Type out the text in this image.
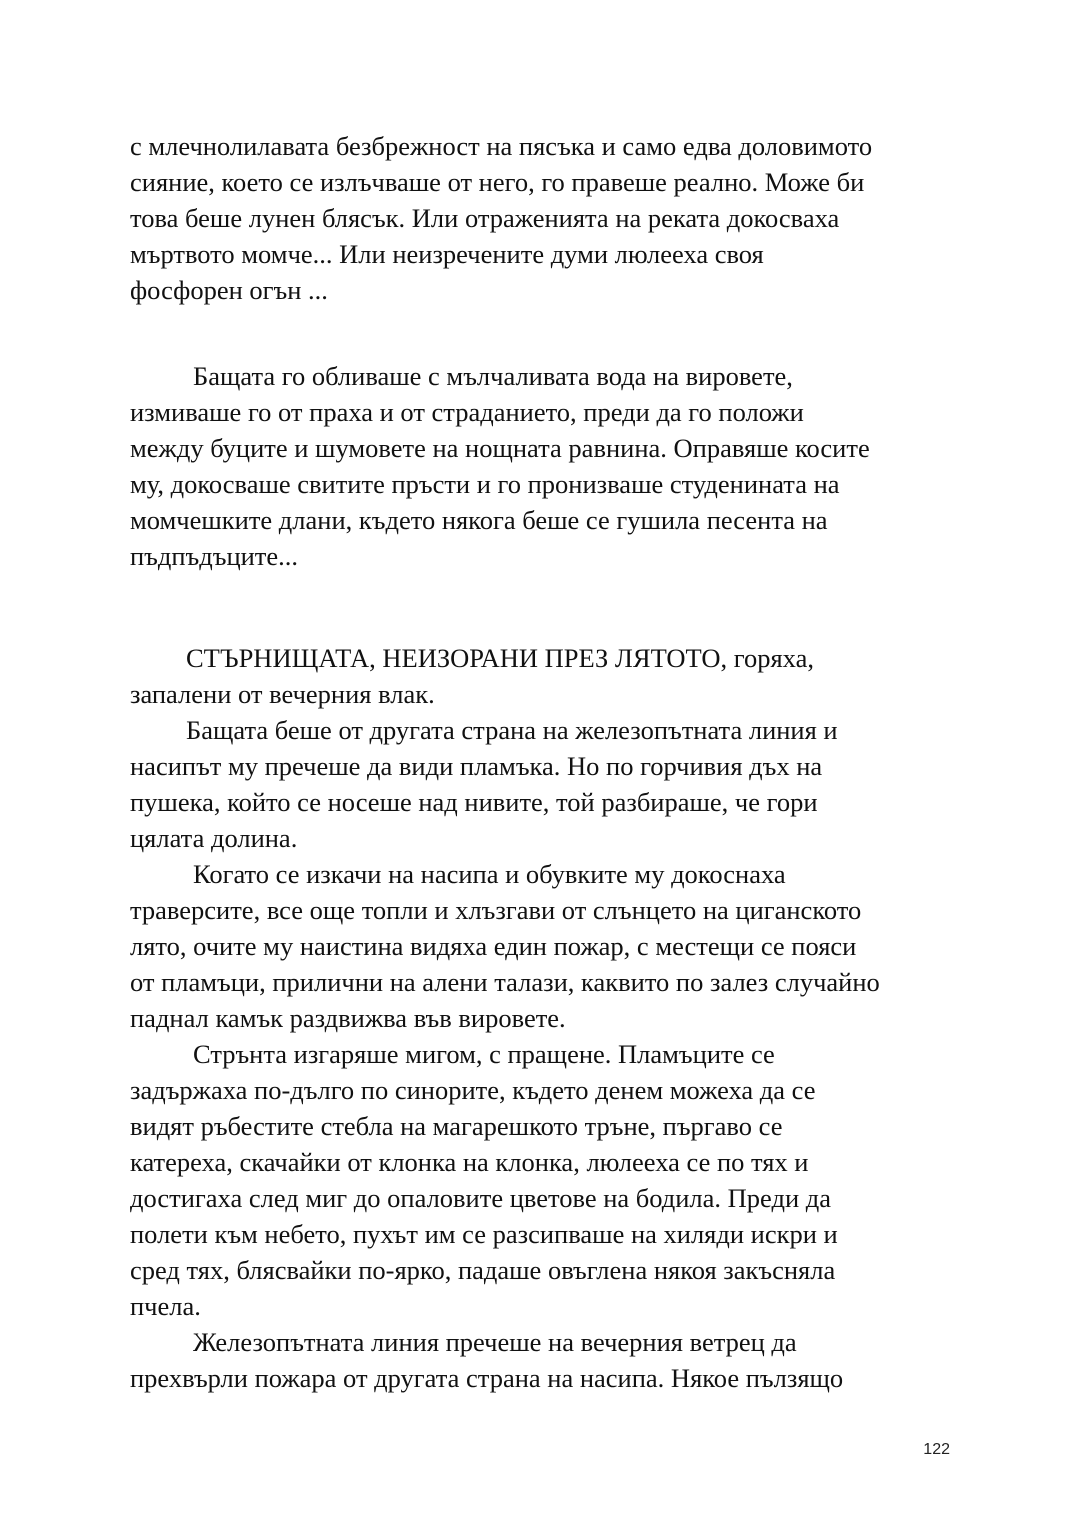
с млечнолилавата безбрежност на пясъка и само едва доловимото
сияние, което се излъчваше от него, го правеше реално. Може би
това беше лунен блясък. Или отраженията на реката докосваха
мъртвото момче... Или неизречените думи люлееха своя
фосфорен огън ...
Бащата го обливаше с мълчаливата вода на вировете,
измиваше го от праха и от страданието, преди да го положи
между буците и шумовете на нощната равнина. Оправяше косите
му, докосваше свитите пръсти и го пронизваше студенината на
момчешките длани, където някога беше се гушила песента на
пъдпъдъците...
СТЪРНИЩАТА, НЕИЗОРАНИ ПРЕЗ ЛЯТОТО, горяха,
запалени от вечерния влак.
Бащата беше от другата страна на железопътната линия и
насипът му пречеше да види пламъка. Но по горчивия дъх на
пушека, който се носеше над нивите, той разбираше, че гори
цялата долина.
Когато се изкачи на насипа и обувките му докоснаха
траверсите, все още топли и хлъзгави от слънцето на циганското
лято, очите му наистина видяха един пожар, с местещи се пояси
от пламъци, прилични на алени талази, каквито по залез случайно
паднал камък раздвижва във вировете.
Стрънта изгаряше мигом, с пращене. Пламъците се
задържаха по-дълго по синорите, където денем можеха да се
видят ръбестите стебла на магарешкото тръне, пъргаво се
катереха, скачайки от клонка на клонка, люлееха се по тях и
достигаха след миг до опаловите цветове на бодила. Преди да
полети към небето, пухът им се разсипваше на хиляди искри и
сред тях, блясвайки по-ярко, падаше овъглена някоя закъсняла
пчела.
Железопътната линия пречеше на вечерния ветрец да
прехвърли пожара от другата страна на насипа. Някое пълзящо
122
